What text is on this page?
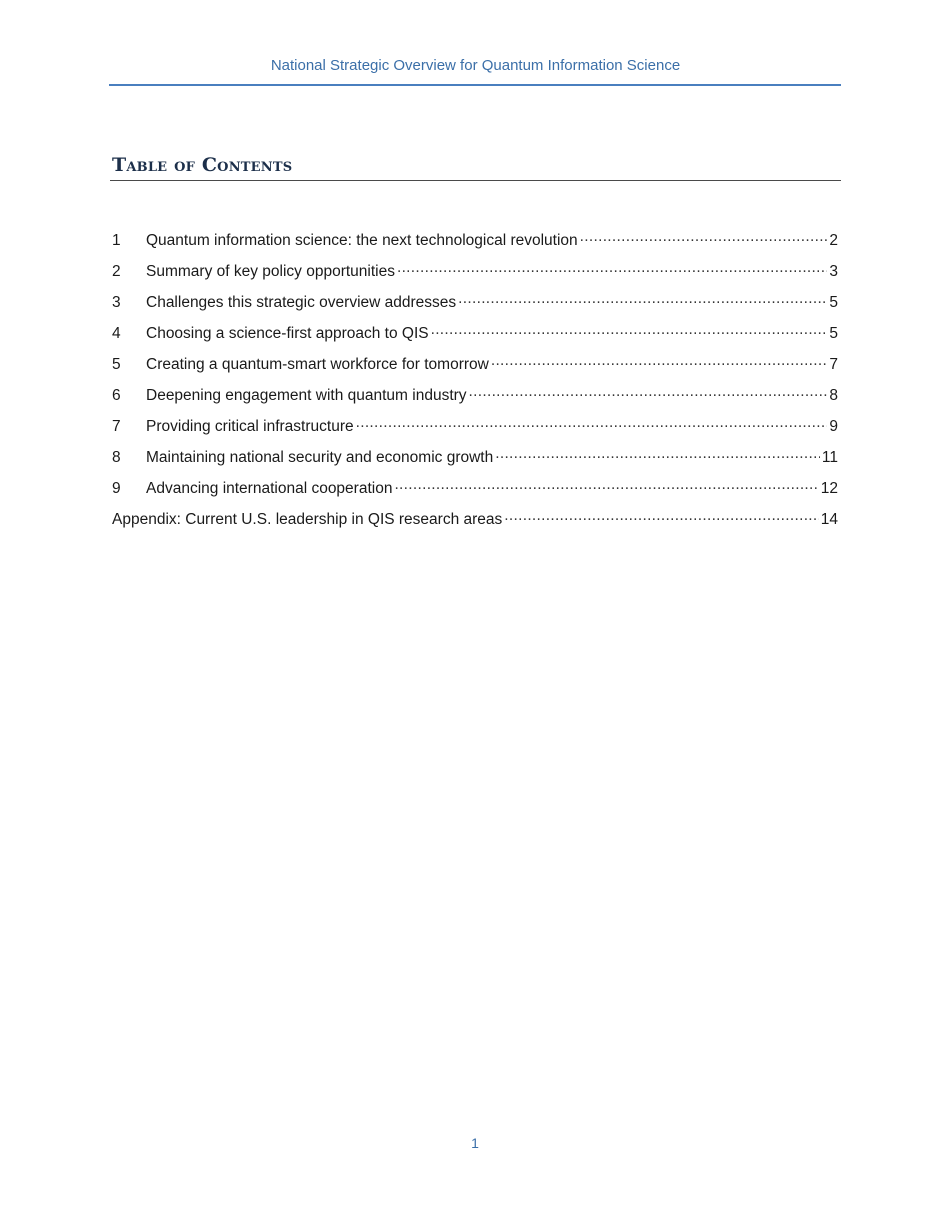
National Strategic Overview for Quantum Information Science
Table of Contents
1	Quantum information science: the next technological revolution .....	2
2	Summary of key policy opportunities .....	3
3	Challenges this strategic overview addresses .....	5
4	Choosing a science-first approach to QIS .....	5
5	Creating a quantum-smart workforce for tomorrow .....	7
6	Deepening engagement with quantum industry .....	8
7	Providing critical infrastructure .....	9
8	Maintaining national security and economic growth .....	11
9	Advancing international cooperation .....	12
Appendix: Current U.S. leadership in QIS research areas .....	14
1
